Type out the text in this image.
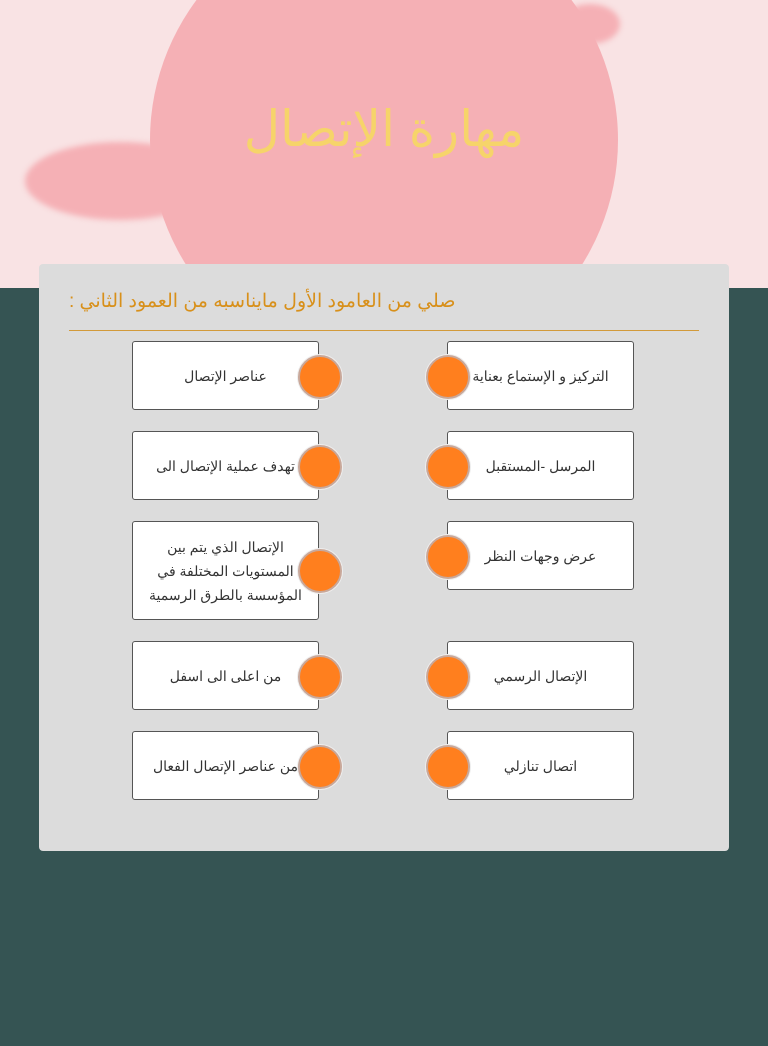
مهارة الإتصال
صلي من العامود الأول مايناسبه من العمود الثاني :
عناصر الإتصال
تهدف عملية الإتصال الى
الإتصال الذي يتم بين المستويات المختلفة في المؤسسة بالطرق الرسمية
من اعلى الى اسفل
من عناصر الإتصال الفعال
التركيز و الإستماع بعناية
المرسل -المستقبل
عرض وجهات النظر
الإتصال الرسمي
اتصال تنازلي
